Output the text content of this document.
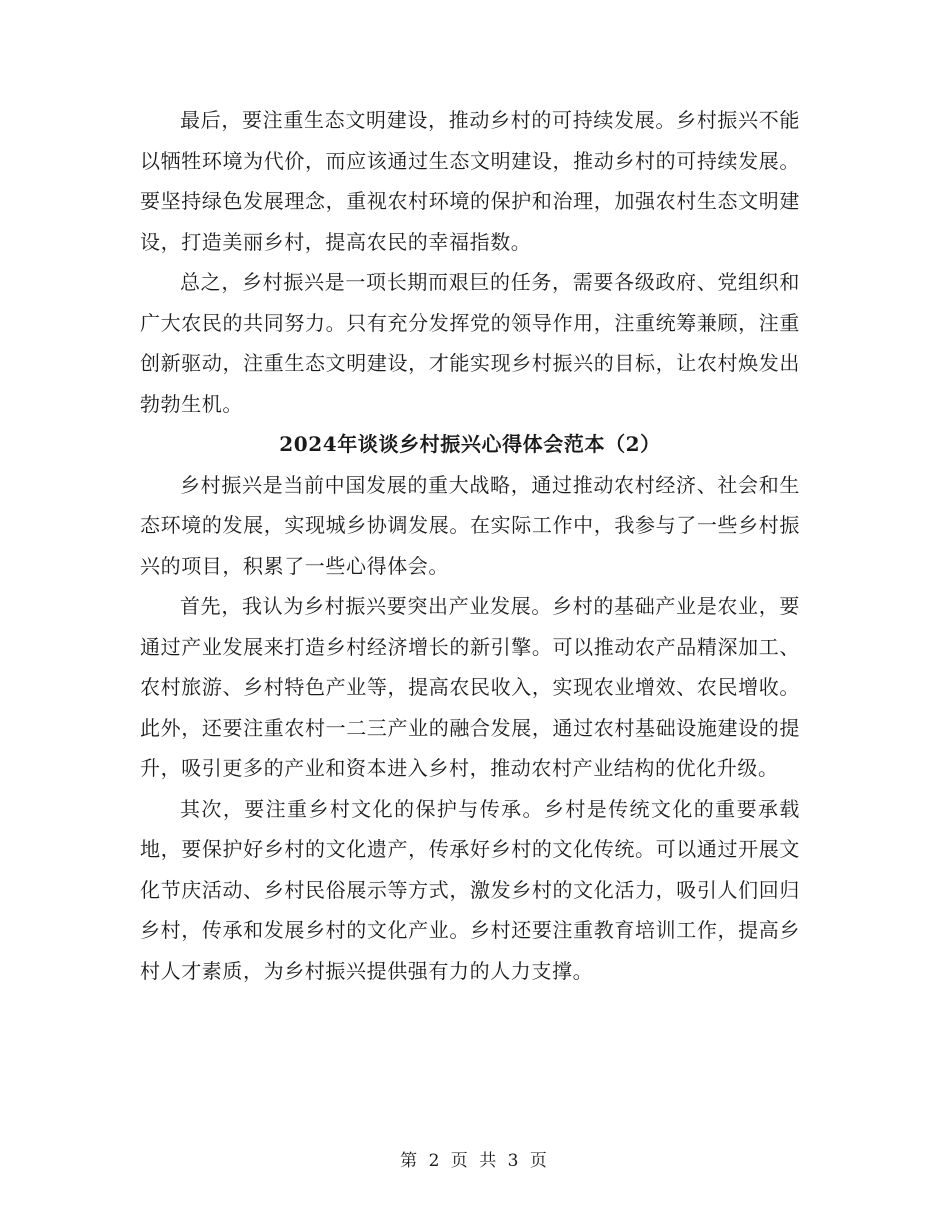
最后，要注重生态文明建设，推动乡村的可持续发展。乡村振兴不能以牺牲环境为代价，而应该通过生态文明建设，推动乡村的可持续发展。要坚持绿色发展理念，重视农村环境的保护和治理，加强农村生态文明建设，打造美丽乡村，提高农民的幸福指数。

总之，乡村振兴是一项长期而艰巨的任务，需要各级政府、党组织和广大农民的共同努力。只有充分发挥党的领导作用，注重统筹兼顾，注重创新驱动，注重生态文明建设，才能实现乡村振兴的目标，让农村焕发出勃勃生机。

2024年谈谈乡村振兴心得体会范本（2）

乡村振兴是当前中国发展的重大战略，通过推动农村经济、社会和生态环境的发展，实现城乡协调发展。在实际工作中，我参与了一些乡村振兴的项目，积累了一些心得体会。

首先，我认为乡村振兴要突出产业发展。乡村的基础产业是农业，要通过产业发展来打造乡村经济增长的新引擎。可以推动农产品精深加工、农村旅游、乡村特色产业等，提高农民收入，实现农业增效、农民增收。此外，还要注重农村一二三产业的融合发展，通过农村基础设施建设的提升，吸引更多的产业和资本进入乡村，推动农村产业结构的优化升级。

其次，要注重乡村文化的保护与传承。乡村是传统文化的重要承载地，要保护好乡村的文化遗产，传承好乡村的文化传统。可以通过开展文化节庆活动、乡村民俗展示等方式，激发乡村的文化活力，吸引人们回归乡村，传承和发展乡村的文化产业。乡村还要注重教育培训工作，提高乡村人才素质，为乡村振兴提供强有力的人力支撑。

第 2 页 共 3 页
